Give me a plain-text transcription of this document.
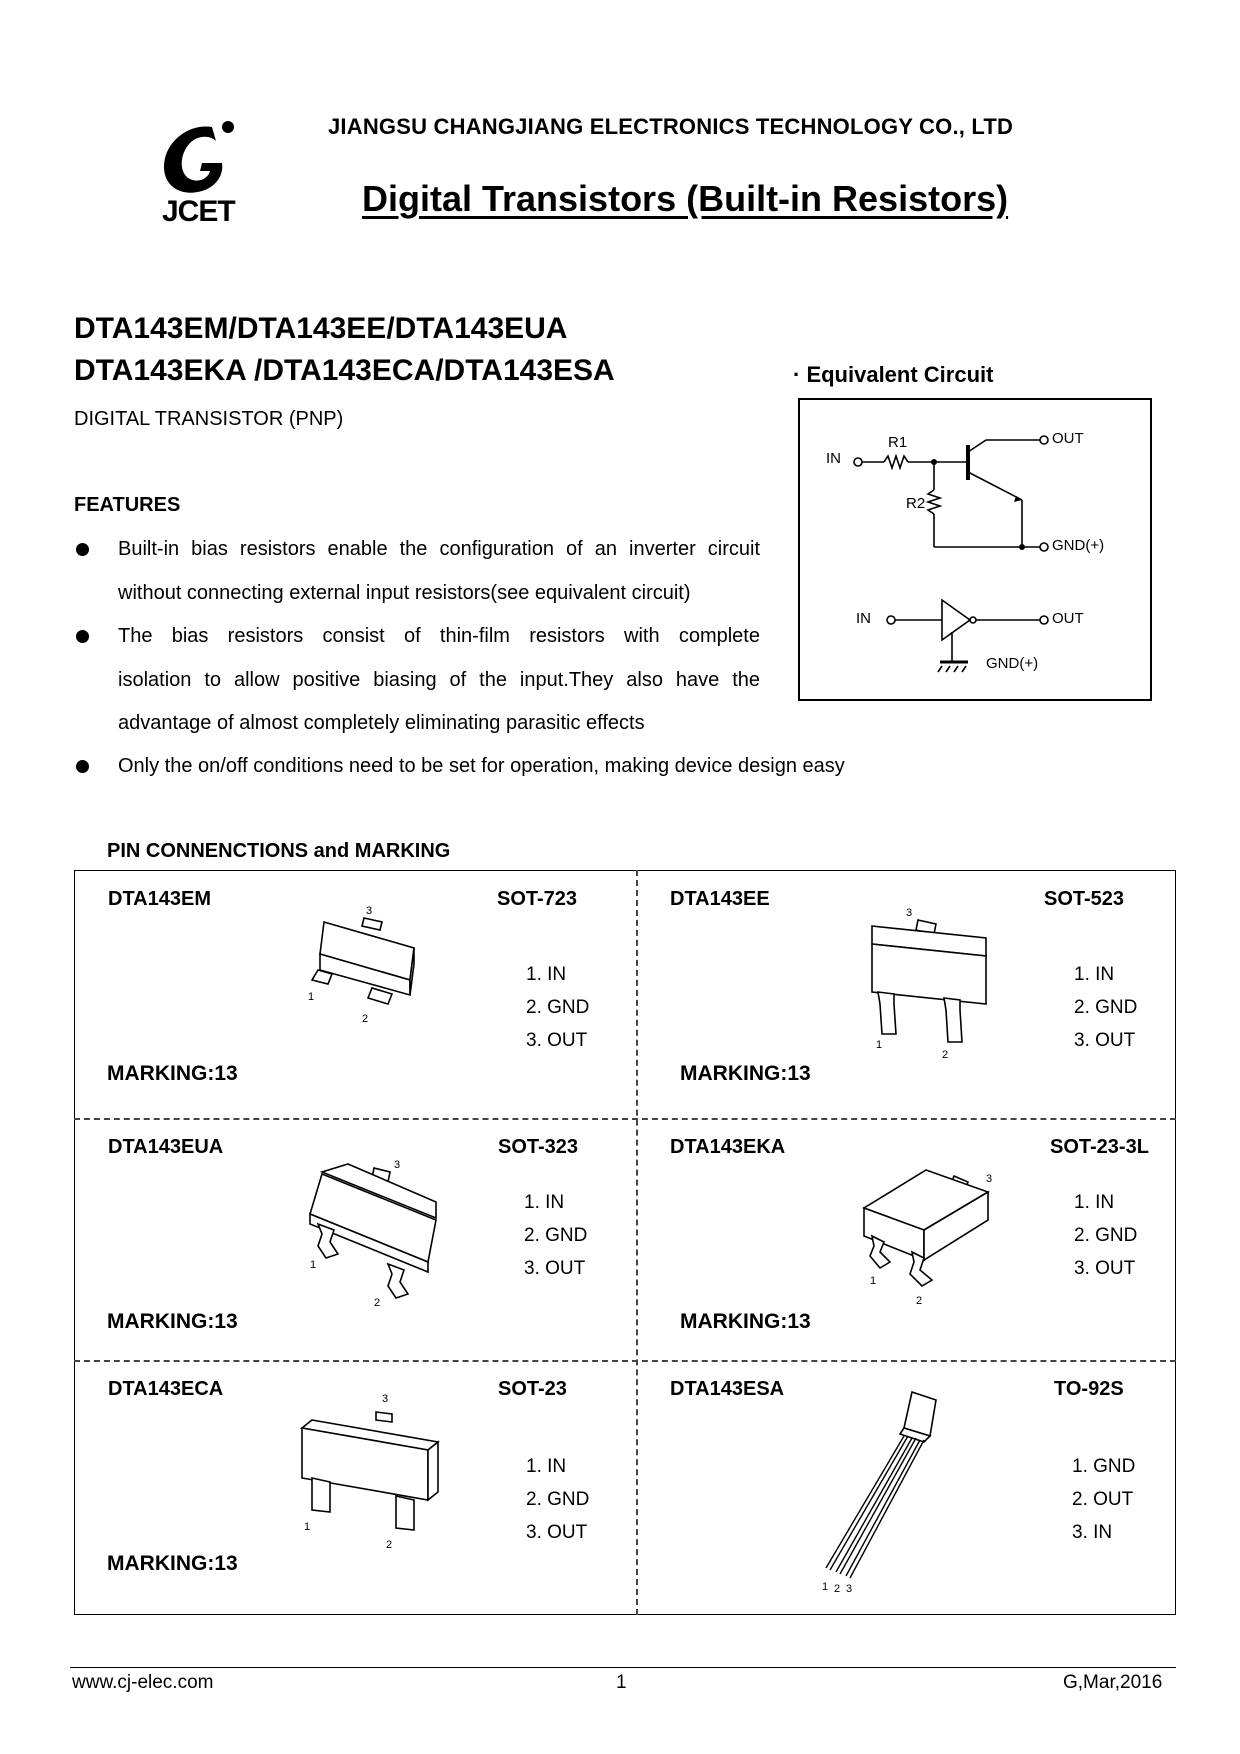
JCET
JIANGSU CHANGJIANG ELECTRONICS TECHNOLOGY CO., LTD
Digital Transistors (Built-in Resistors)
DTA143EM/DTA143EE/DTA143EUA
DTA143EKA /DTA143ECA/DTA143ESA
DIGITAL TRANSISTOR (PNP)
· Equivalent Circuit
IN
R1	OUT
R2
GND(+)
IN	OUT
GND(+)
FEATURES
Built-in bias resistors enable the configuration of an inverter circuit
without connecting external input resistors(see equivalent circuit)
The bias resistors consist of thin-film resistors with complete
isolation to allow positive biasing of the input.They also have the
advantage of almost completely eliminating parasitic effects
Only the on/off conditions need to be set for operation, making device design easy
PIN CONNENCTIONS and MARKING
DTA143EM	SOT-723
3
1
2
1. IN
2. GND
3. OUT
MARKING:13
DTA143EE	SOT-523
3
1
2
1. IN
2. GND
3. OUT
MARKING:13
DTA143EUA	SOT-323
3
1
2
1. IN
2. GND
3. OUT
MARKING:13
DTA143EKA	SOT-23-3L
3
1
2
1. IN
2. GND
3. OUT
MARKING:13
DTA143ECA	SOT-23
3
1
2
1. IN
2. GND
3. OUT
MARKING:13
DTA143ESA	TO-92S
1 2 3
1. GND
2. OUT
3. IN
www.cj-elec.com	1	G,Mar,2016
